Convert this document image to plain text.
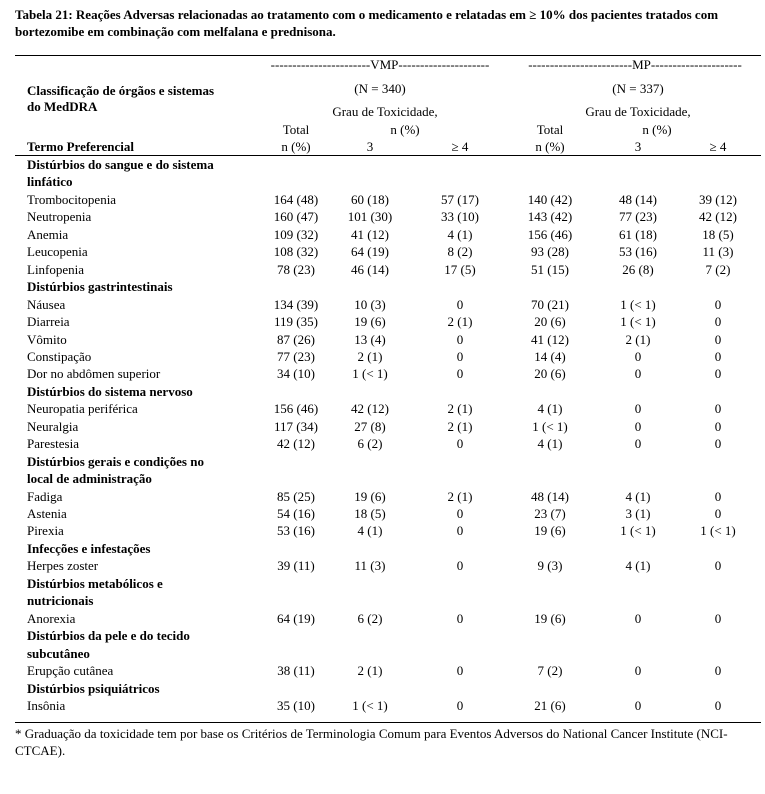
Tabela 21: Reações Adversas relacionadas ao tratamento com o medicamento e relatadas em ≥ 10% dos pacientes tratados com bortezomibe em combinação com melfalana e prednisona.
-----------------------VMP---------------------	------------------------MP---------------------
Classificação de órgãos e sistemas
do MedDRA
(N = 340)	(N = 337)
Grau de Toxicidade,	Grau de Toxicidade,
Total	n (%)	Total	n (%)
Termo Preferencial	n (%)	3	≥ 4	n (%)	3	≥ 4
Distúrbios do sangue e do sistema
linfático
Trombocitopenia	164 (48)	60 (18)	57 (17)	140 (42)	48 (14)	39 (12)
Neutropenia	160 (47)	101 (30)	33 (10)	143 (42)	77 (23)	42 (12)
Anemia	109 (32)	41 (12)	4 (1)	156 (46)	61 (18)	18 (5)
Leucopenia	108 (32)	64 (19)	8 (2)	93 (28)	53 (16)	11 (3)
Linfopenia	78 (23)	46 (14)	17 (5)	51 (15)	26 (8)	7 (2)
Distúrbios gastrintestinais
Náusea	134 (39)	10 (3)	0	70 (21)	1 (< 1)	0
Diarreia	119 (35)	19 (6)	2 (1)	20 (6)	1 (< 1)	0
Vômito	87 (26)	13 (4)	0	41 (12)	2 (1)	0
Constipação	77 (23)	2 (1)	0	14 (4)	0	0
Dor no abdômen superior	34 (10)	1 (< 1)	0	20 (6)	0	0
Distúrbios do sistema nervoso
Neuropatia periférica	156 (46)	42 (12)	2 (1)	4 (1)	0	0
Neuralgia	117 (34)	27 (8)	2 (1)	1 (< 1)	0	0
Parestesia	42 (12)	6 (2)	0	4 (1)	0	0
Distúrbios gerais e condições no
local de administração
Fadiga	85 (25)	19 (6)	2 (1)	48 (14)	4 (1)	0
Astenia	54 (16)	18 (5)	0	23 (7)	3 (1)	0
Pirexia	53 (16)	4 (1)	0	19 (6)	1 (< 1)	1 (< 1)
Infecções e infestações
Herpes zoster	39 (11)	11 (3)	0	9 (3)	4 (1)	0
Distúrbios metabólicos e
nutricionais
Anorexia	64 (19)	6 (2)	0	19 (6)	0	0
Distúrbios da pele e do tecido
subcutâneo
Erupção cutânea	38 (11)	2 (1)	0	7 (2)	0	0
Distúrbios psiquiátricos
Insônia	35 (10)	1 (< 1)	0	21 (6)	0	0
* Graduação da toxicidade tem por base os Critérios de Terminologia Comum para Eventos Adversos do National Cancer Institute (NCI-CTCAE).
